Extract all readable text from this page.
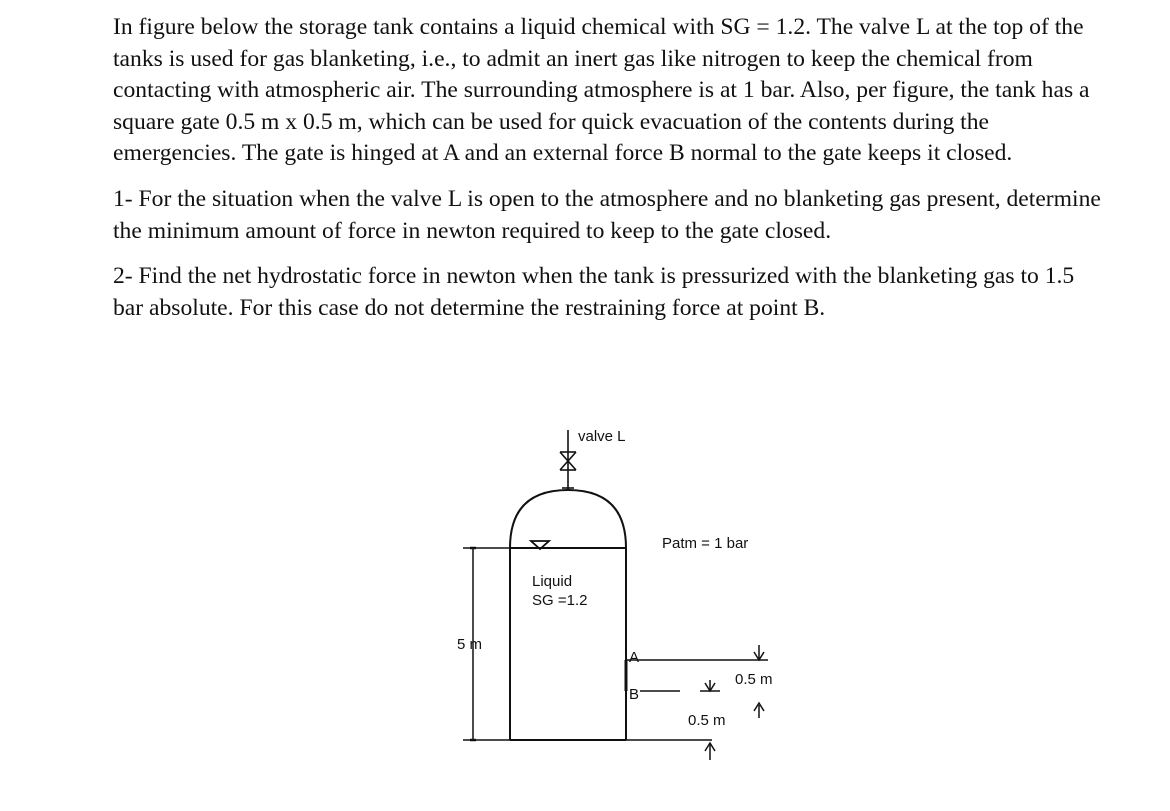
In figure below the storage tank contains a liquid chemical with SG = 1.2. The valve L at the top of the tanks is used for gas blanketing, i.e., to admit an inert gas like nitrogen to keep the chemical from contacting with atmospheric air. The surrounding atmosphere is at 1 bar. Also, per figure, the tank has a square gate 0.5 m x 0.5 m, which can be used for quick evacuation of the contents during the emergencies. The gate is hinged at A and an external force B normal to the gate keeps it closed.

1- For the situation when the valve L is open to the atmosphere and no blanketing gas present, determine the minimum amount of force in newton required to keep to the gate closed.

2- Find the net hydrostatic force in newton when the tank is pressurized with the blanketing gas to 1.5 bar absolute. For this case do not determine the restraining force at point B.

valve L
Patm = 1 bar
Liquid
SG =1.2
5 m
A
B
0.5 m
0.5 m
